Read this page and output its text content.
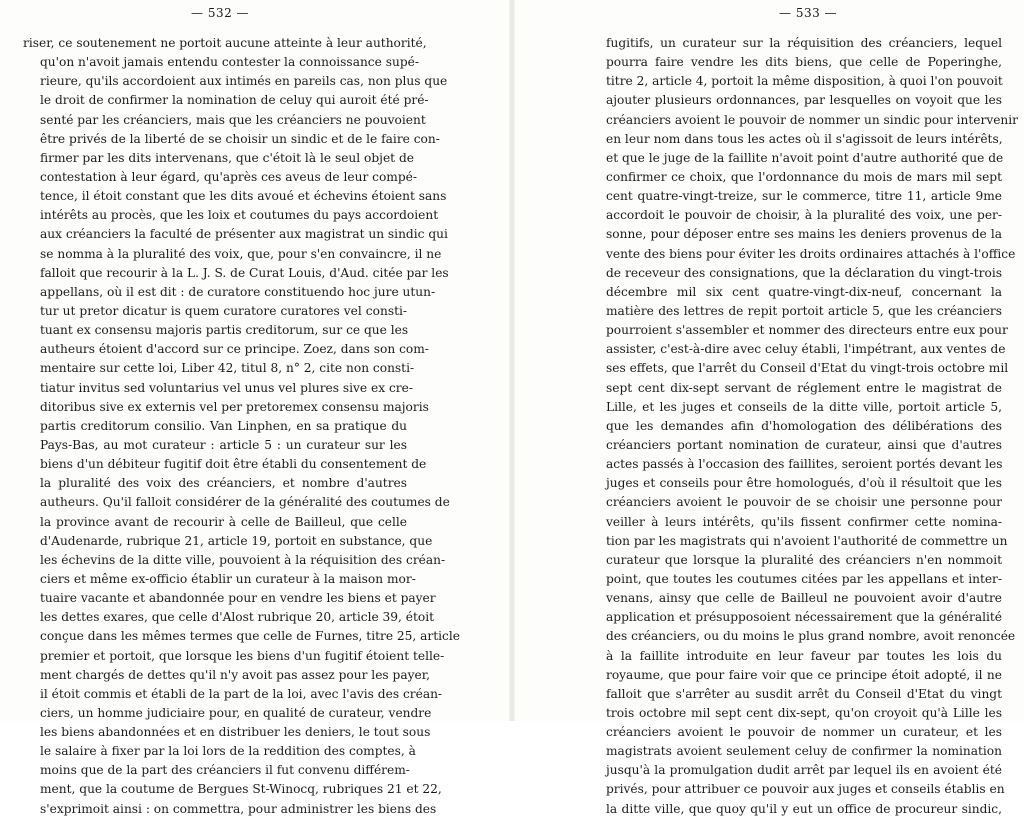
— 532 —
riser, ce soutenement ne portoit aucune atteinte à leur authorité,
qu'on n'avoit jamais entendu contester la connoissance supé-
rieure, qu'ils accordoient aux intimés en pareils cas, non plus que
le droit de confirmer la nomination de celuy qui auroit été pré-
senté par les créanciers, mais que les créanciers ne pouvoient
être privés de la liberté de se choisir un sindic et de le faire con-
firmer par les dits intervenans, que c'étoit là le seul objet de
contestation à leur égard, qu'après ces aveus de leur compé-
tence, il étoit constant que les dits avoué et échevins étoient sans
intérêts au procès, que les loix et coutumes du pays accordoient
aux créanciers la faculté de présenter aux magistrat un sindic qui
se nomma à la pluralité des voix, que, pour s'en convaincre, il ne
falloit que recourir à la L. J. S. de Curat Louis, d'Aud. citée par les
appellans, où il est dit : de curatore constituendo hoc jure utun-
tur ut pretor dicatur is quem curatore curatores vel consti-
tuant ex consensu majoris partis creditorum, sur ce que les
autheurs étoient d'accord sur ce principe. Zoez, dans son com-
mentaire sur cette loi, Liber 42, titul 8, n° 2, cite non consti-
tiatur invitus sed voluntarius vel unus vel plures sive ex cre-
ditoribus sive ex externis vel per pretoremex consensu majoris
partis creditorum consilio. Van Linphen, en sa pratique du
Pays-Bas, au mot curateur : article 5 : un curateur sur les
biens d'un débiteur fugitif doit être établi du consentement de
la pluralité des voix des créanciers, et nombre d'autres
autheurs. Qu'il falloit considérer de la généralité des coutumes de
la province avant de recourir à celle de Bailleul, que celle
d'Audenarde, rubrique 21, article 19, portoit en substance, que
les échevins de la ditte ville, pouvoient à la réquisition des créan-
ciers et même ex-officio établir un curateur à la maison mor-
tuaire vacante et abandonnée pour en vendre les biens et payer
les dettes exares, que celle d'Alost rubrique 20, article 39, étoit
conçue dans les mêmes termes que celle de Furnes, titre 25, article
premier et portoit, que lorsque les biens d'un fugitif étoient telle-
ment chargés de dettes qu'il n'y avoit pas assez pour les payer,
il étoit commis et établi de la part de la loi, avec l'avis des créan-
ciers, un homme judiciaire pour, en qualité de curateur, vendre
les biens abandonnées et en distribuer les deniers, le tout sous
le salaire à fixer par la loi lors de la reddition des comptes, à
moins que de la part des créanciers il fut convenu différem-
ment, que la coutume de Bergues St-Winocq, rubriques 21 et 22,
s'exprimoit ainsi : on commettra, pour administrer les biens des
— 533 —
fugitifs, un curateur sur la réquisition des créanciers, lequel
pourra faire vendre les dits biens, que celle de Poperinghe,
titre 2, article 4, portoit la même disposition, à quoi l'on pouvoit
ajouter plusieurs ordonnances, par lesquelles on voyoit que les
créanciers avoient le pouvoir de nommer un sindic pour intervenir
en leur nom dans tous les actes où il s'agissoit de leurs intérêts,
et que le juge de la faillite n'avoit point d'autre authorité que de
confirmer ce choix, que l'ordonnance du mois de mars mil sept
cent quatre-vingt-treize, sur le commerce, titre 11, article 9me
accordoit le pouvoir de choisir, à la pluralité des voix, une per-
sonne, pour déposer entre ses mains les deniers provenus de la
vente des biens pour éviter les droits ordinaires attachés à l'office
de receveur des consignations, que la déclaration du vingt-trois
décembre mil six cent quatre-vingt-dix-neuf, concernant la
matière des lettres de repit portoit article 5, que les créanciers
pourroient s'assembler et nommer des directeurs entre eux pour
assister, c'est-à-dire avec celuy établi, l'impétrant, aux ventes de
ses effets, que l'arrêt du Conseil d'Etat du vingt-trois octobre mil
sept cent dix-sept servant de réglement entre le magistrat de
Lille, et les juges et conseils de la ditte ville, portoit article 5,
que les demandes afin d'homologation des délibérations des
créanciers portant nomination de curateur, ainsi que d'autres
actes passés à l'occasion des faillites, seroient portés devant les
juges et conseils pour être homologués, d'où il résultoit que les
créanciers avoient le pouvoir de se choisir une personne pour
veiller à leurs intérêts, qu'ils fissent confirmer cette nomina-
tion par les magistrats qui n'avoient l'authorité de commettre un
curateur que lorsque la pluralité des créanciers n'en nommoit
point, que toutes les coutumes citées par les appellans et inter-
venans, ainsy que celle de Bailleul ne pouvoient avoir d'autre
application et présupposoient nécessairement que la généralité
des créanciers, ou du moins le plus grand nombre, avoit renoncée
à la faillite introduite en leur faveur par toutes les lois du
royaume, que pour faire voir que ce principe étoit adopté, il ne
falloit que s'arrêter au susdit arrêt du Conseil d'Etat du vingt
trois octobre mil sept cent dix-sept, qu'on croyoit qu'à Lille les
créanciers avoient le pouvoir de nommer un curateur, et les
magistrats avoient seulement celuy de confirmer la nomination
jusqu'à la promulgation dudit arrêt par lequel ils en avoient été
privés, pour attribuer ce pouvoir aux juges et conseils établis en
la ditte ville, que quoy qu'il y eut un office de procureur sindic,
